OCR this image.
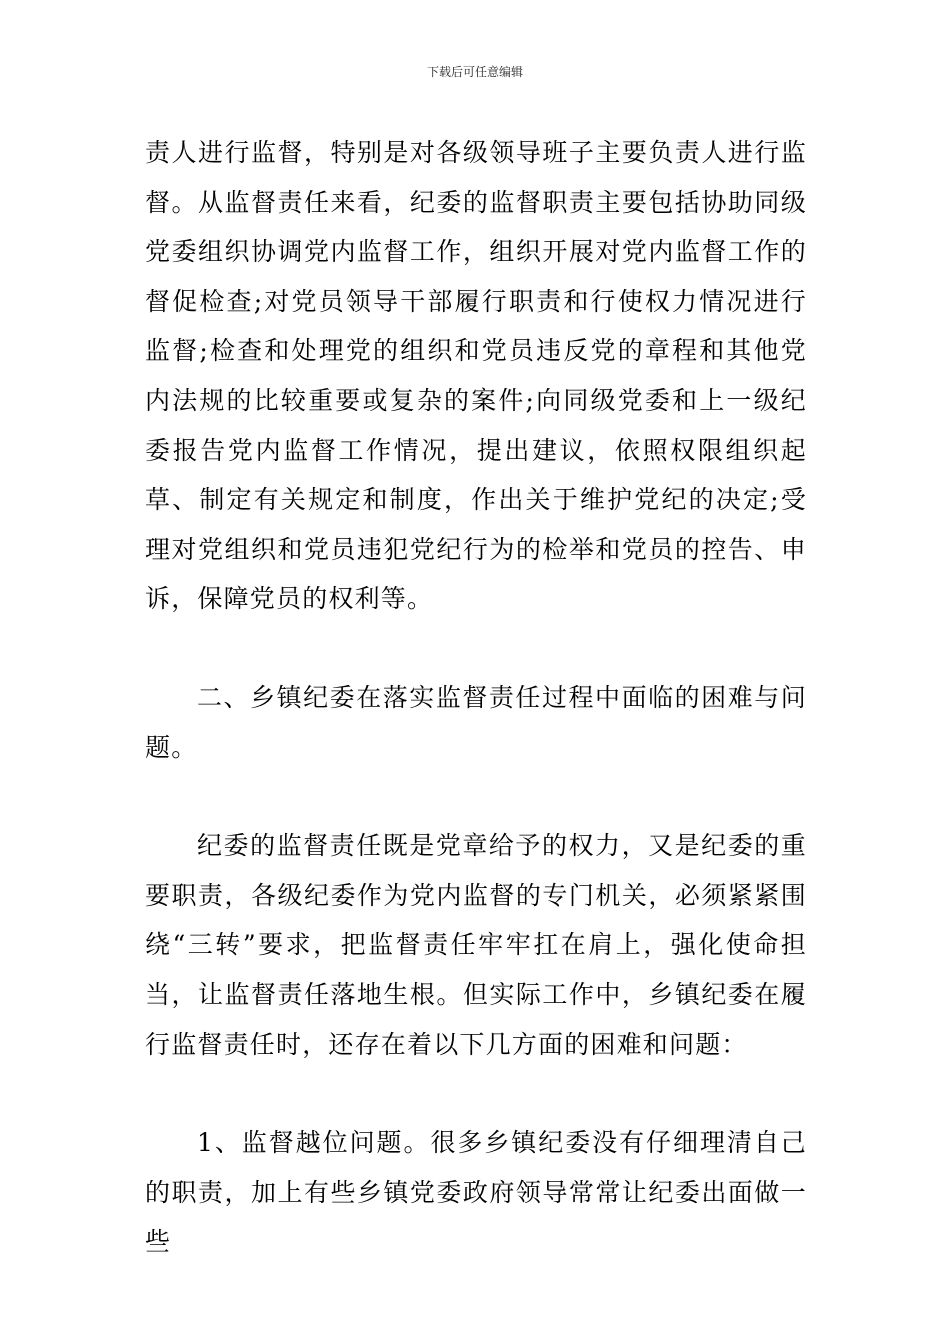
下载后可任意编辑

责人进行监督，特别是对各级领导班子主要负责人进行监督。从监督责任来看，纪委的监督职责主要包括协助同级党委组织协调党内监督工作，组织开展对党内监督工作的督促检查;对党员领导干部履行职责和行使权力情况进行监督;检查和处理党的组织和党员违反党的章程和其他党内法规的比较重要或复杂的案件;向同级党委和上一级纪委报告党内监督工作情况，提出建议，依照权限组织起草、制定有关规定和制度，作出关于维护党纪的决定;受理对党组织和党员违犯党纪行为的检举和党员的控告、申诉，保障党员的权利等。

二、乡镇纪委在落实监督责任过程中面临的困难与问题。

纪委的监督责任既是党章给予的权力，又是纪委的重要职责，各级纪委作为党内监督的专门机关，必须紧紧围绕“三转”要求，把监督责任牢牢扛在肩上，强化使命担当，让监督责任落地生根。但实际工作中，乡镇纪委在履行监督责任时，还存在着以下几方面的困难和问题：

1、监督越位问题。很多乡镇纪委没有仔细理清自己的职责，加上有些乡镇党委政府领导常常让纪委出面做一些
